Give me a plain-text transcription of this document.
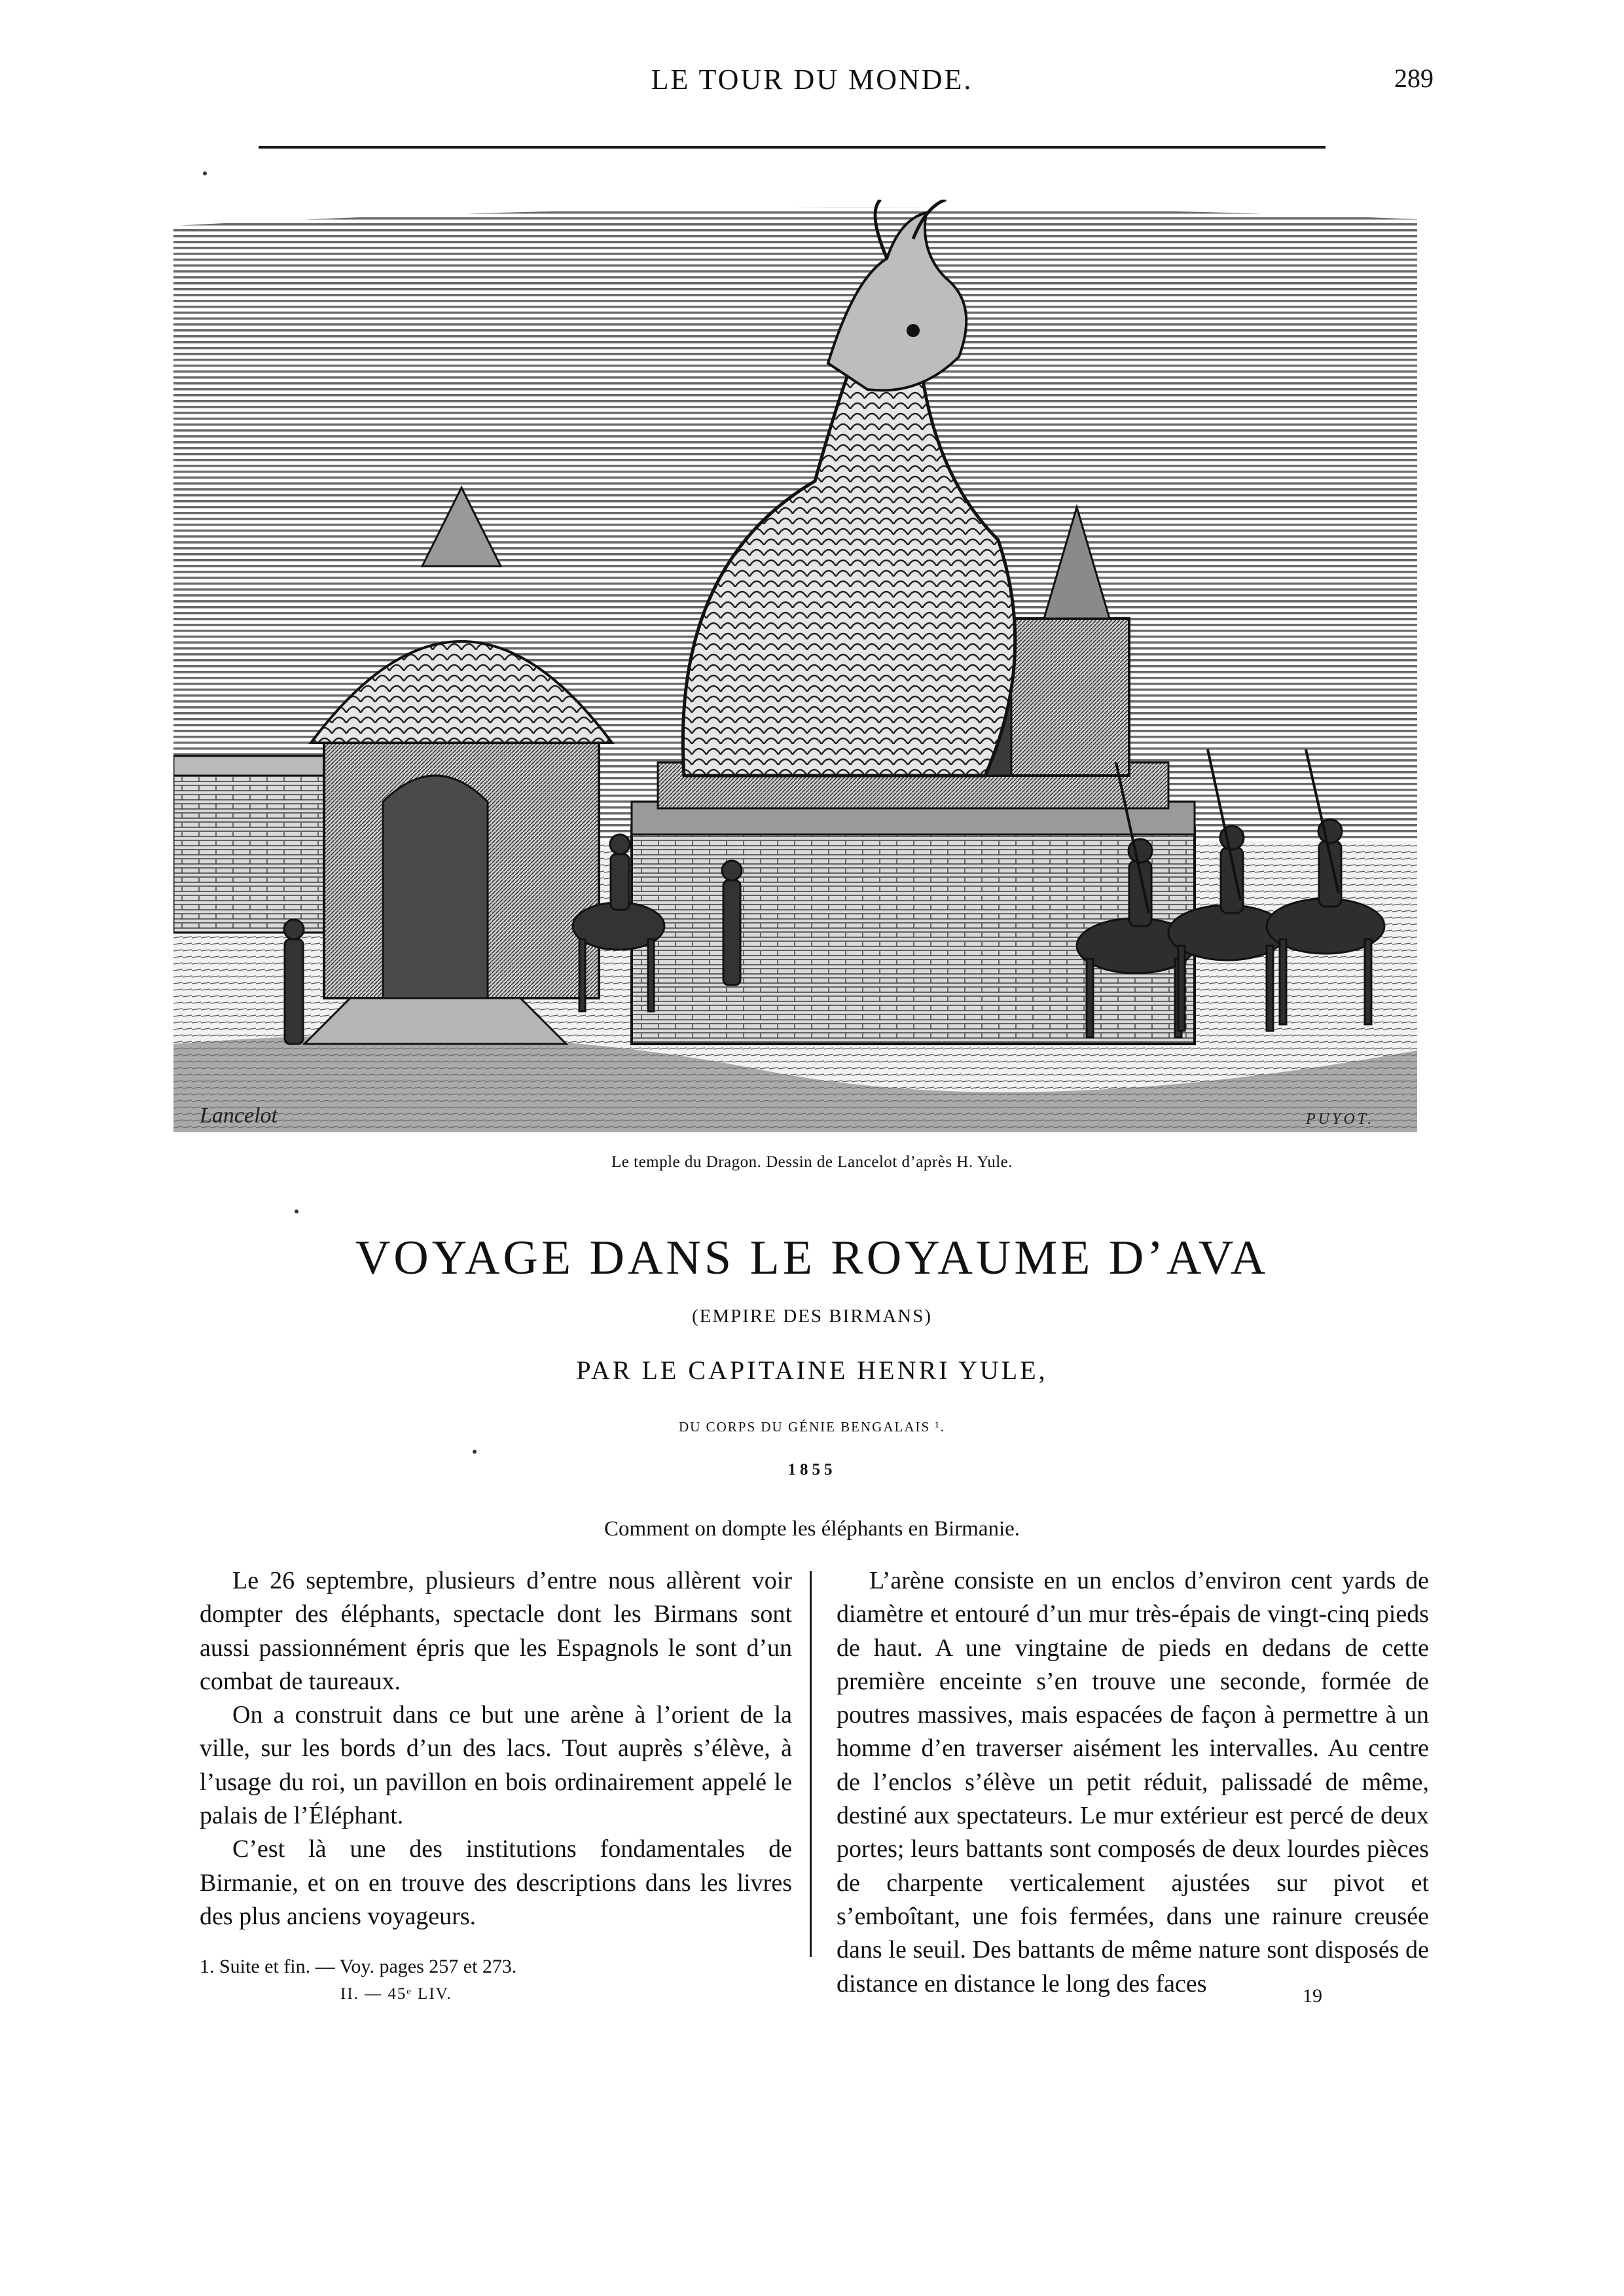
LE TOUR DU MONDE.	289
Lancelot	PUYOT.
Le temple du Dragon. Dessin de Lancelot d’après H. Yule.
VOYAGE DANS LE ROYAUME D’AVA
(EMPIRE DES BIRMANS)
PAR LE CAPITAINE HENRI YULE,
DU CORPS DU GÉNIE BENGALAIS ¹.
1855
Comment on dompte les éléphants en Birmanie.

Le 26 septembre, plusieurs d’entre nous allèrent voir dompter des éléphants, spectacle dont les Birmans sont aussi passionnément épris que les Espagnols le sont d’un combat de taureaux.

On a construit dans ce but une arène à l’orient de la ville, sur les bords d’un des lacs. Tout auprès s’élève, à l’usage du roi, un pavillon en bois ordinairement appelé le palais de l’Éléphant.

C’est là une des institutions fondamentales de Birmanie, et on en trouve des descriptions dans les livres des plus anciens voyageurs.

L’arène consiste en un enclos d’environ cent yards de diamètre et entouré d’un mur très-épais de vingt-cinq pieds de haut. A une vingtaine de pieds en dedans de cette première enceinte s’en trouve une seconde, formée de poutres massives, mais espacées de façon à permettre à un homme d’en traverser aisément les intervalles. Au centre de l’enclos s’élève un petit réduit, palissadé de même, destiné aux spectateurs. Le mur extérieur est percé de deux portes; leurs battants sont composés de deux lourdes pièces de charpente verticalement ajustées sur pivot et s’emboîtant, une fois fermées, dans une rainure creusée dans le seuil. Des battants de même nature sont disposés de distance en distance le long des faces

1. Suite et fin. — Voy. pages 257 et 273.
II. — 45ᵉ LIV.	19
